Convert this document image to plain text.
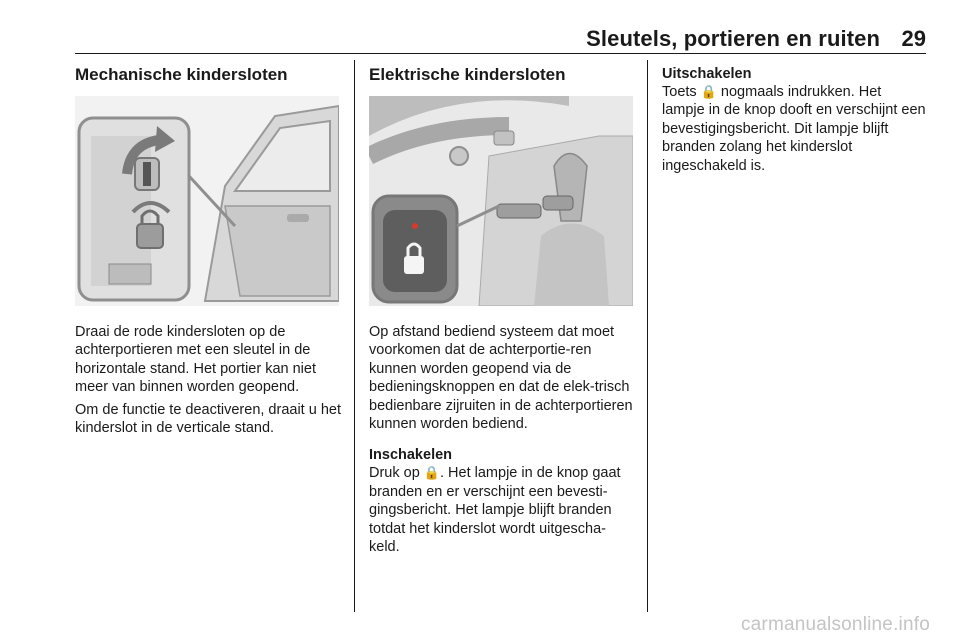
Sleutels, portieren en ruiten 29
Mechanische kindersloten

Draai de rode kindersloten op de achterportieren met een sleutel in de horizontale stand. Het portier kan niet meer van binnen worden geopend.

Om de functie te deactiveren, draait u het kinderslot in de verticale stand.

Elektrische kindersloten

Op afstand bediend systeem dat moet voorkomen dat de achterportie-ren kunnen worden geopend via de bedieningsknoppen en dat de elek-trisch bedienbare zijruiten in de achterportieren kunnen worden bediend.

Inschakelen

Druk op 🔒. Het lampje in de knop gaat branden en er verschijnt een bevesti-gingsbericht. Het lampje blijft branden totdat het kinderslot wordt uitgescha-keld.

Uitschakelen

Toets 🔒 nogmaals indrukken. Het lampje in de knop dooft en verschijnt een bevestigingsbericht. Dit lampje blijft branden zolang het kinderslot ingeschakeld is.

carmanualsonline.info
